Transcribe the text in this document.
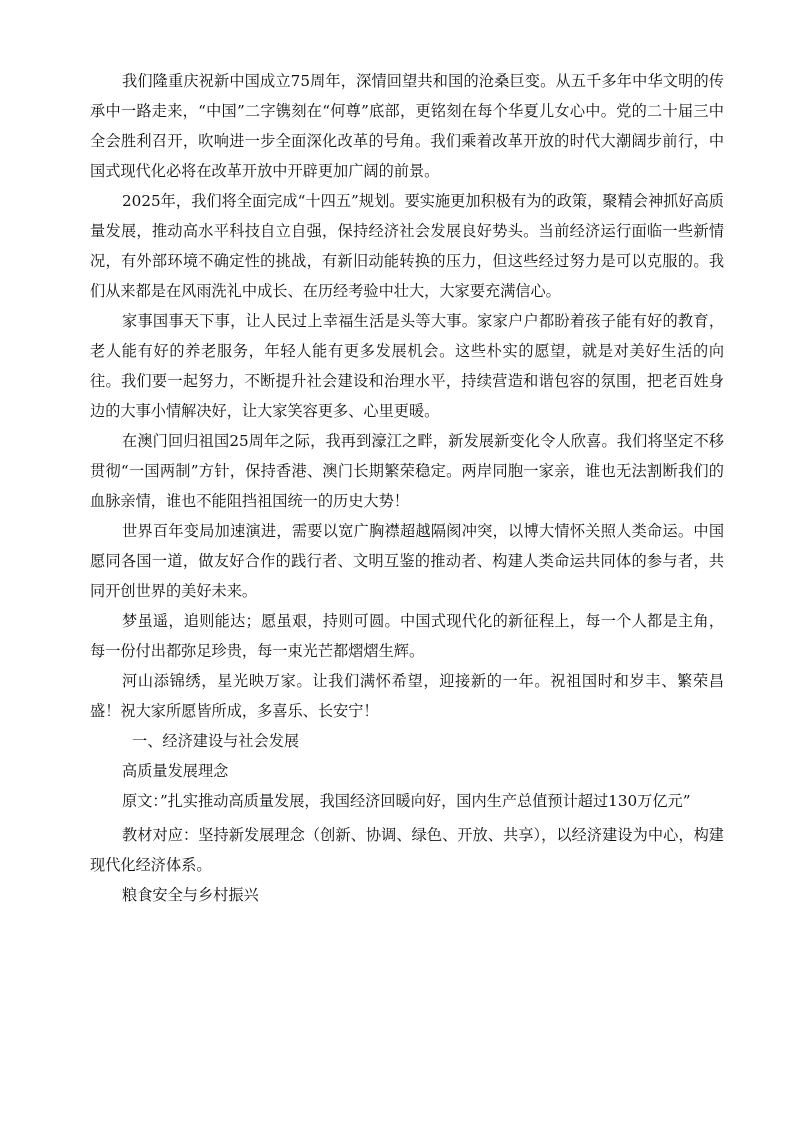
我们隆重庆祝新中国成立75周年，深情回望共和国的沧桑巨变。从五千多年中华文明的传承中一路走来，“中国”二字镌刻在“何尊”底部，更铭刻在每个华夏儿女心中。党的二十届三中全会胜利召开，吹响进一步全面深化改革的号角。我们乘着改革开放的时代大潮阔步前行，中国式现代化必将在改革开放中开辟更加广阔的前景。

2025年，我们将全面完成“十四五”规划。要实施更加积极有为的政策，聚精会神抓好高质量发展，推动高水平科技自立自强，保持经济社会发展良好势头。当前经济运行面临一些新情况，有外部环境不确定性的挑战，有新旧动能转换的压力，但这些经过努力是可以克服的。我们从来都是在风雨洗礼中成长、在历经考验中壮大，大家要充满信心。

家事国事天下事，让人民过上幸福生活是头等大事。家家户户都盼着孩子能有好的教育，老人能有好的养老服务，年轻人能有更多发展机会。这些朴实的愿望，就是对美好生活的向往。我们要一起努力，不断提升社会建设和治理水平，持续营造和谐包容的氛围，把老百姓身边的大事小情解决好，让大家笑容更多、心里更暖。

在澳门回归祖国25周年之际，我再到濠江之畔，新发展新变化令人欣喜。我们将坚定不移贯彻“一国两制”方针，保持香港、澳门长期繁荣稳定。两岸同胞一家亲，谁也无法割断我们的血脉亲情，谁也不能阻挡祖国统一的历史大势！

世界百年变局加速演进，需要以宽广胸襟超越隔阂冲突，以博大情怀关照人类命运。中国愿同各国一道，做友好合作的践行者、文明互鉴的推动者、构建人类命运共同体的参与者，共同开创世界的美好未来。

梦虽遥，追则能达；愿虽艰，持则可圆。中国式现代化的新征程上，每一个人都是主角，每一份付出都弥足珍贵，每一束光芒都熠熠生辉。

河山添锦绣，星光映万家。让我们满怀希望，迎接新的一年。祝祖国时和岁丰、繁荣昌盛！祝大家所愿皆所成，多喜乐、长安宁！

一、经济建设与社会发展

高质量发展理念

原文：”扎实推动高质量发展，我国经济回暖向好，国内生产总值预计超过130万亿元”

教材对应：坚持新发展理念（创新、协调、绿色、开放、共享），以经济建设为中心，构建现代化经济体系。

粮食安全与乡村振兴
